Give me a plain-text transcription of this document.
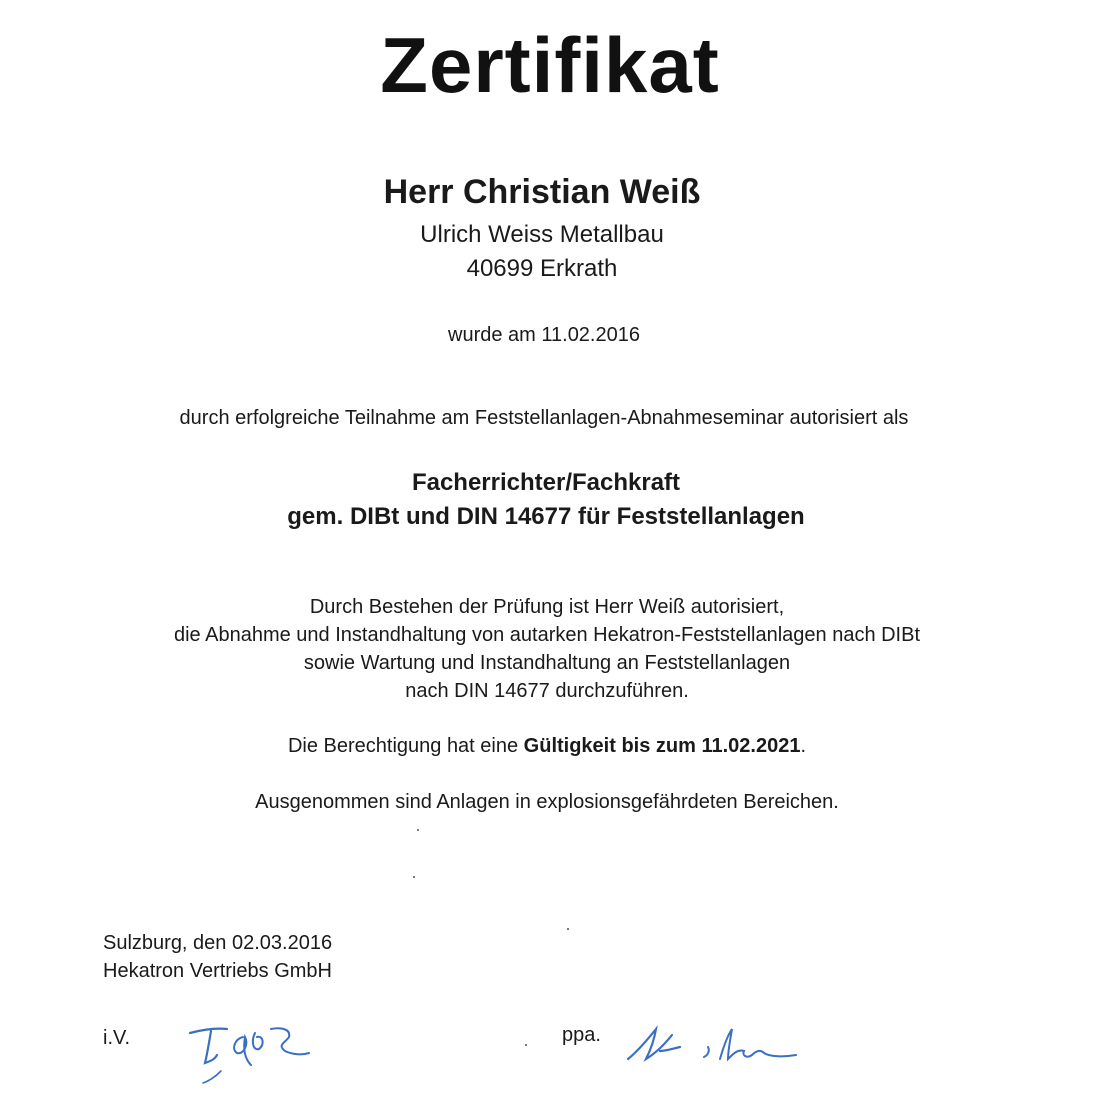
Zertifikat
Herr Christian Weiß
Ulrich Weiss Metallbau
40699 Erkrath
wurde am 11.02.2016
durch erfolgreiche Teilnahme am Feststellanlagen-Abnahmeseminar autorisiert als
Facherrichter/Fachkraft
gem. DIBt und DIN 14677 für Feststellanlagen
Durch Bestehen der Prüfung ist Herr Weiß autorisiert,
die Abnahme und Instandhaltung von autarken Hekatron-Feststellanlagen nach DIBt
sowie Wartung und Instandhaltung an Feststellanlagen
nach DIN 14677 durchzuführen.
Die Berechtigung hat eine Gültigkeit bis zum 11.02.2021.
Ausgenommen sind Anlagen in explosionsgefährdeten Bereichen.
Sulzburg, den 02.03.2016
Hekatron Vertriebs GmbH
i.V.	ppa.
